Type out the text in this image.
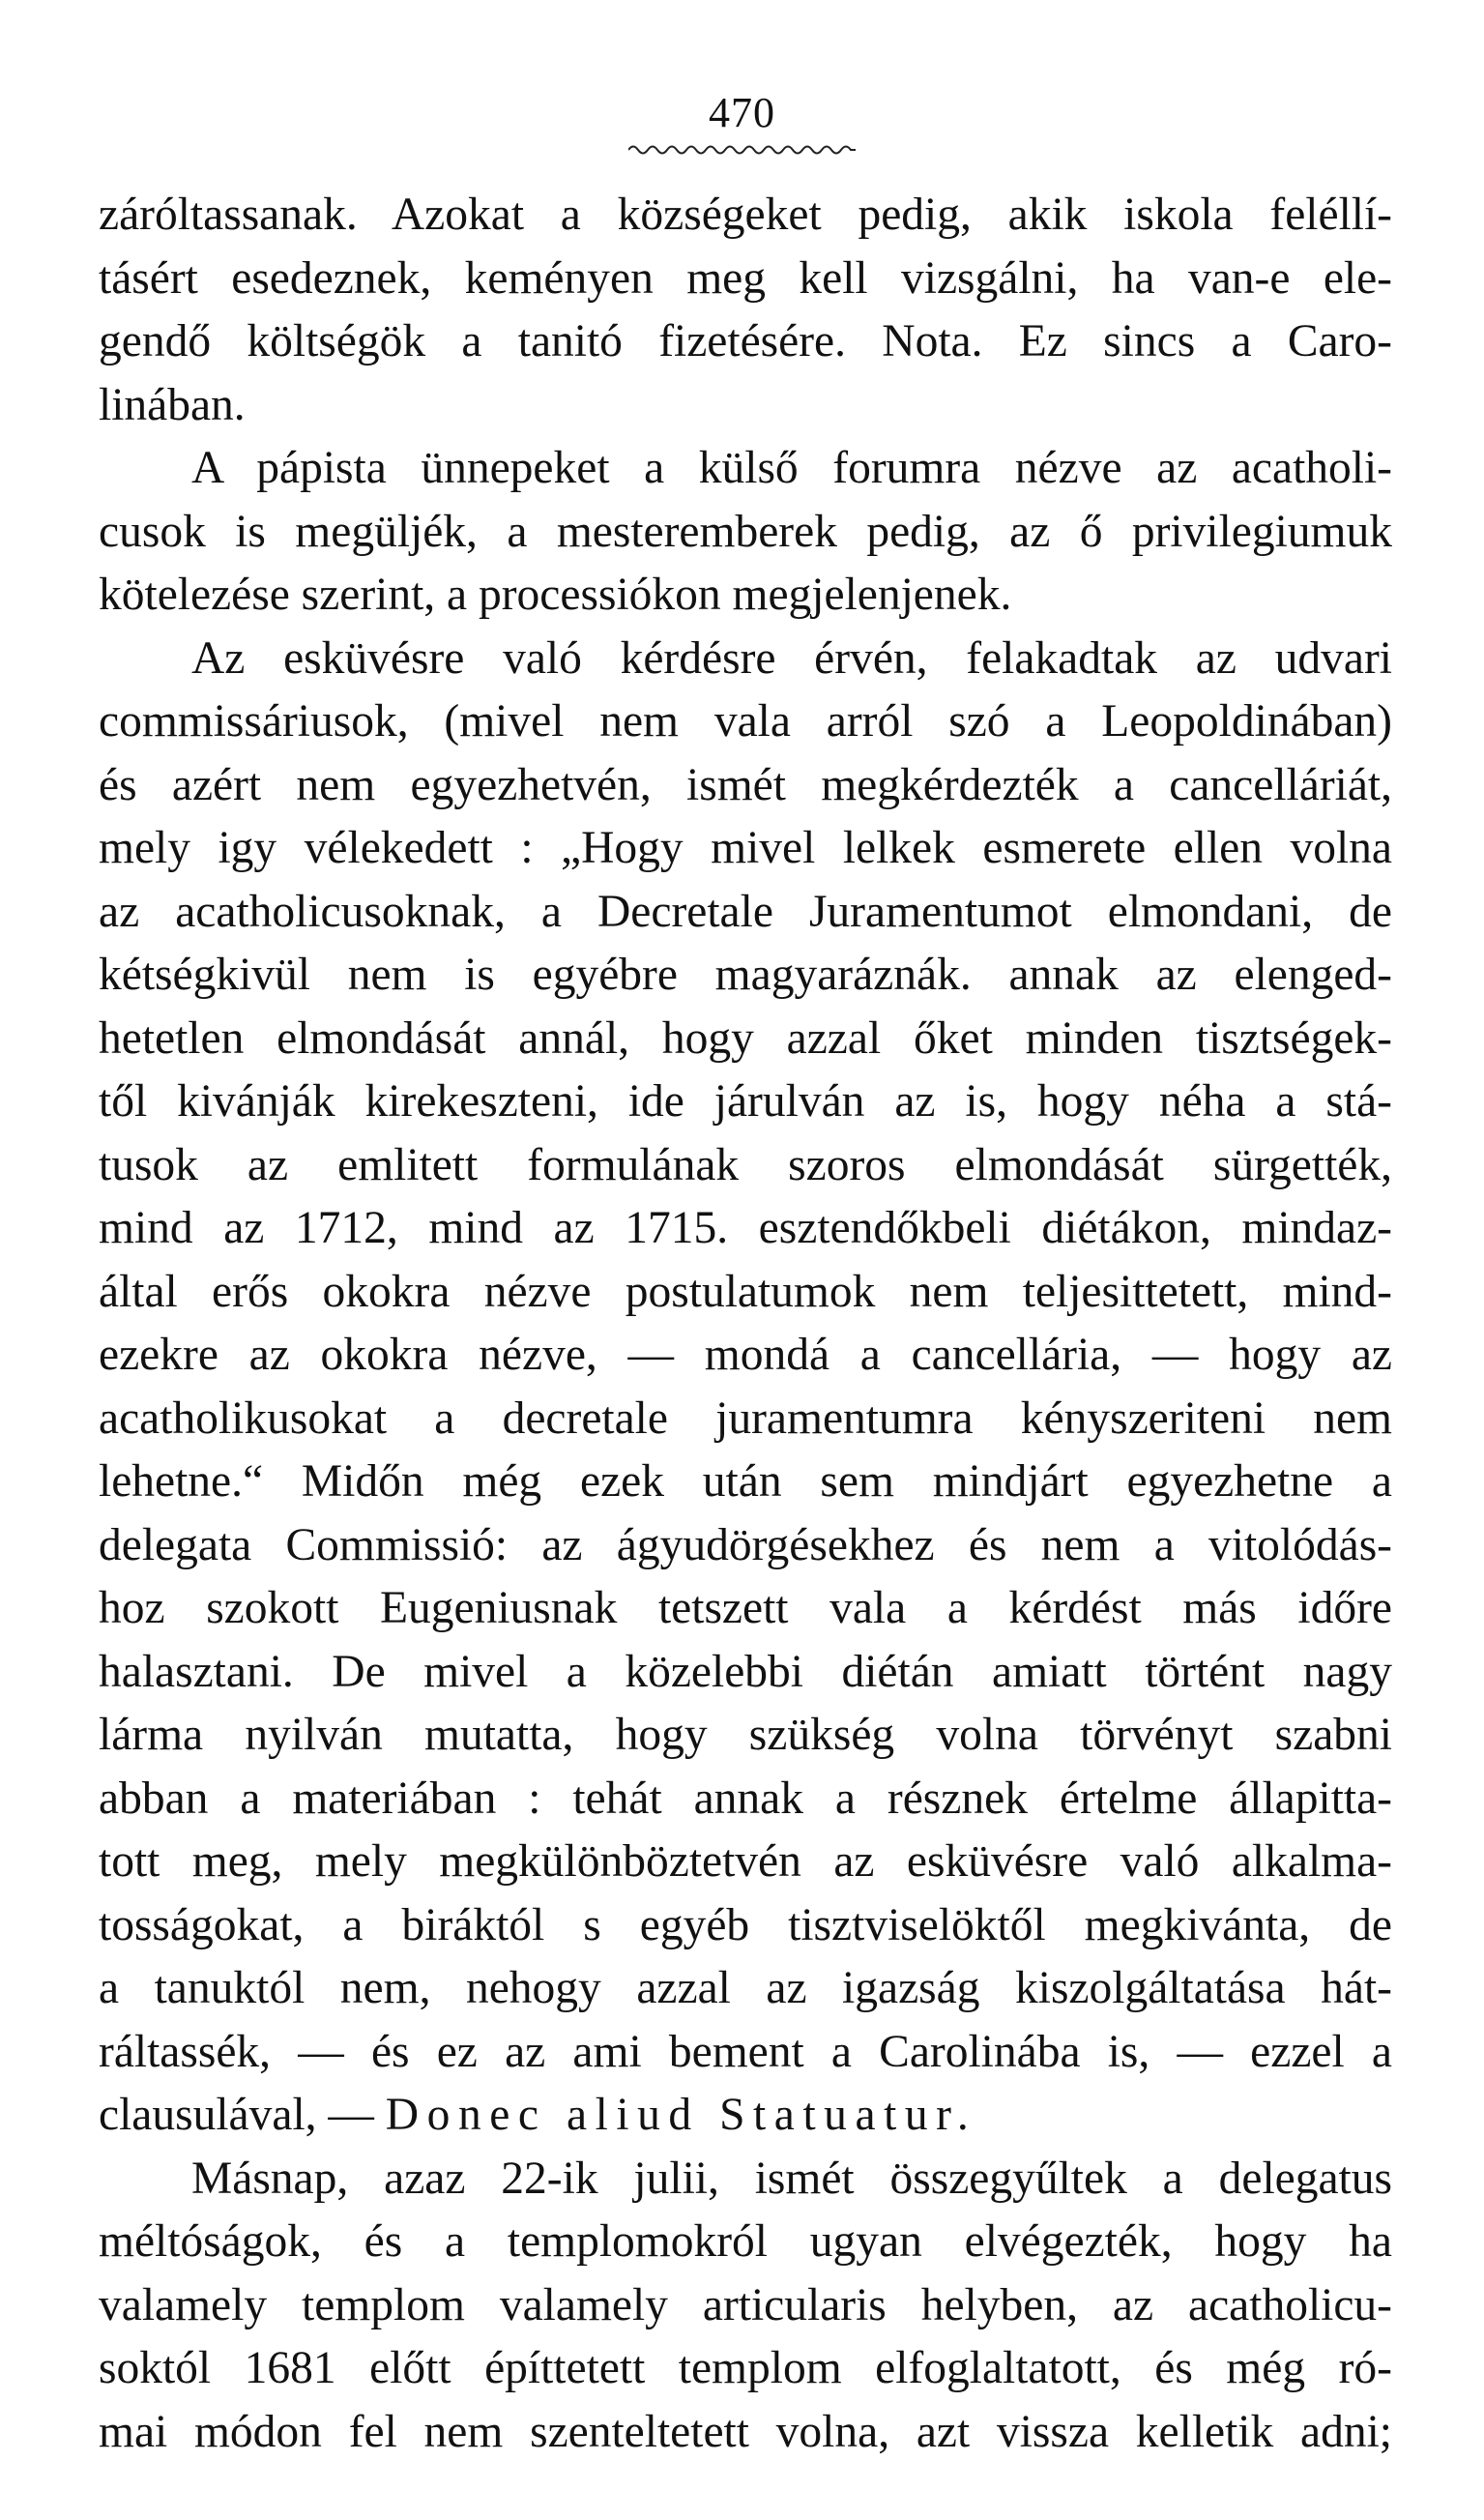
470
záróltassanak. Azokat a községeket pedig, akik iskola feléllí-
tásért esedeznek, keményen meg kell vizsgálni, ha van-e ele-
gendő költségök a tanitó fizetésére. Nota. Ez sincs a Caro-
linában.
A pápista ünnepeket a külső forumra nézve az acatholi-
cusok is megüljék, a mesteremberek pedig, az ő privilegiumuk
kötelezése szerint, a processiókon megjelenjenek.
Az esküvésre való kérdésre érvén, felakadtak az udvari
commissáriusok, (mivel nem vala arról szó a Leopoldinában)
és azért nem egyezhetvén, ismét megkérdezték a cancelláriát,
mely igy vélekedett : „Hogy mivel lelkek esmerete ellen volna
az acatholicusoknak, a Decretale Juramentumot elmondani, de
kétségkivül nem is egyébre magyaráznák. annak az elenged-
hetetlen elmondását annál, hogy azzal őket minden tisztségek-
től kivánják kirekeszteni, ide járulván az is, hogy néha a stá-
tusok az emlitett formulának szoros elmondását sürgették,
mind az 1712, mind az 1715. esztendőkbeli diétákon, mindaz-
által erős okokra nézve postulatumok nem teljesittetett, mind-
ezekre az okokra nézve, — mondá a cancellária, — hogy az
acatholikusokat a decretale juramentumra kényszeriteni nem
lehetne.“ Midőn még ezek után sem mindjárt egyezhetne a
delegata Commissió: az ágyudörgésekhez és nem a vitolódás-
hoz szokott Eugeniusnak tetszett vala a kérdést más időre
halasztani. De mivel a közelebbi diétán amiatt történt nagy
lárma nyilván mutatta, hogy szükség volna törvényt szabni
abban a materiában : tehát annak a résznek értelme állapitta-
tott meg, mely megkülönböztetvén az esküvésre való alkalma-
tosságokat, a biráktól s egyéb tisztviselöktől megkivánta, de
a tanuktól nem, nehogy azzal az igazság kiszolgáltatása hát-
ráltassék, — és ez az ami bement a Carolinába is, — ezzel a
clausulával, — Donec aliud Statuatur.
Másnap, azaz 22-ik julii, ismét összegyűltek a delegatus
méltóságok, és a templomokról ugyan elvégezték, hogy ha
valamely templom valamely articularis helyben, az acatholicu-
soktól 1681 előtt építtetett templom elfoglaltatott, és még ró-
mai módon fel nem szenteltetett volna, azt vissza kelletik adni;
